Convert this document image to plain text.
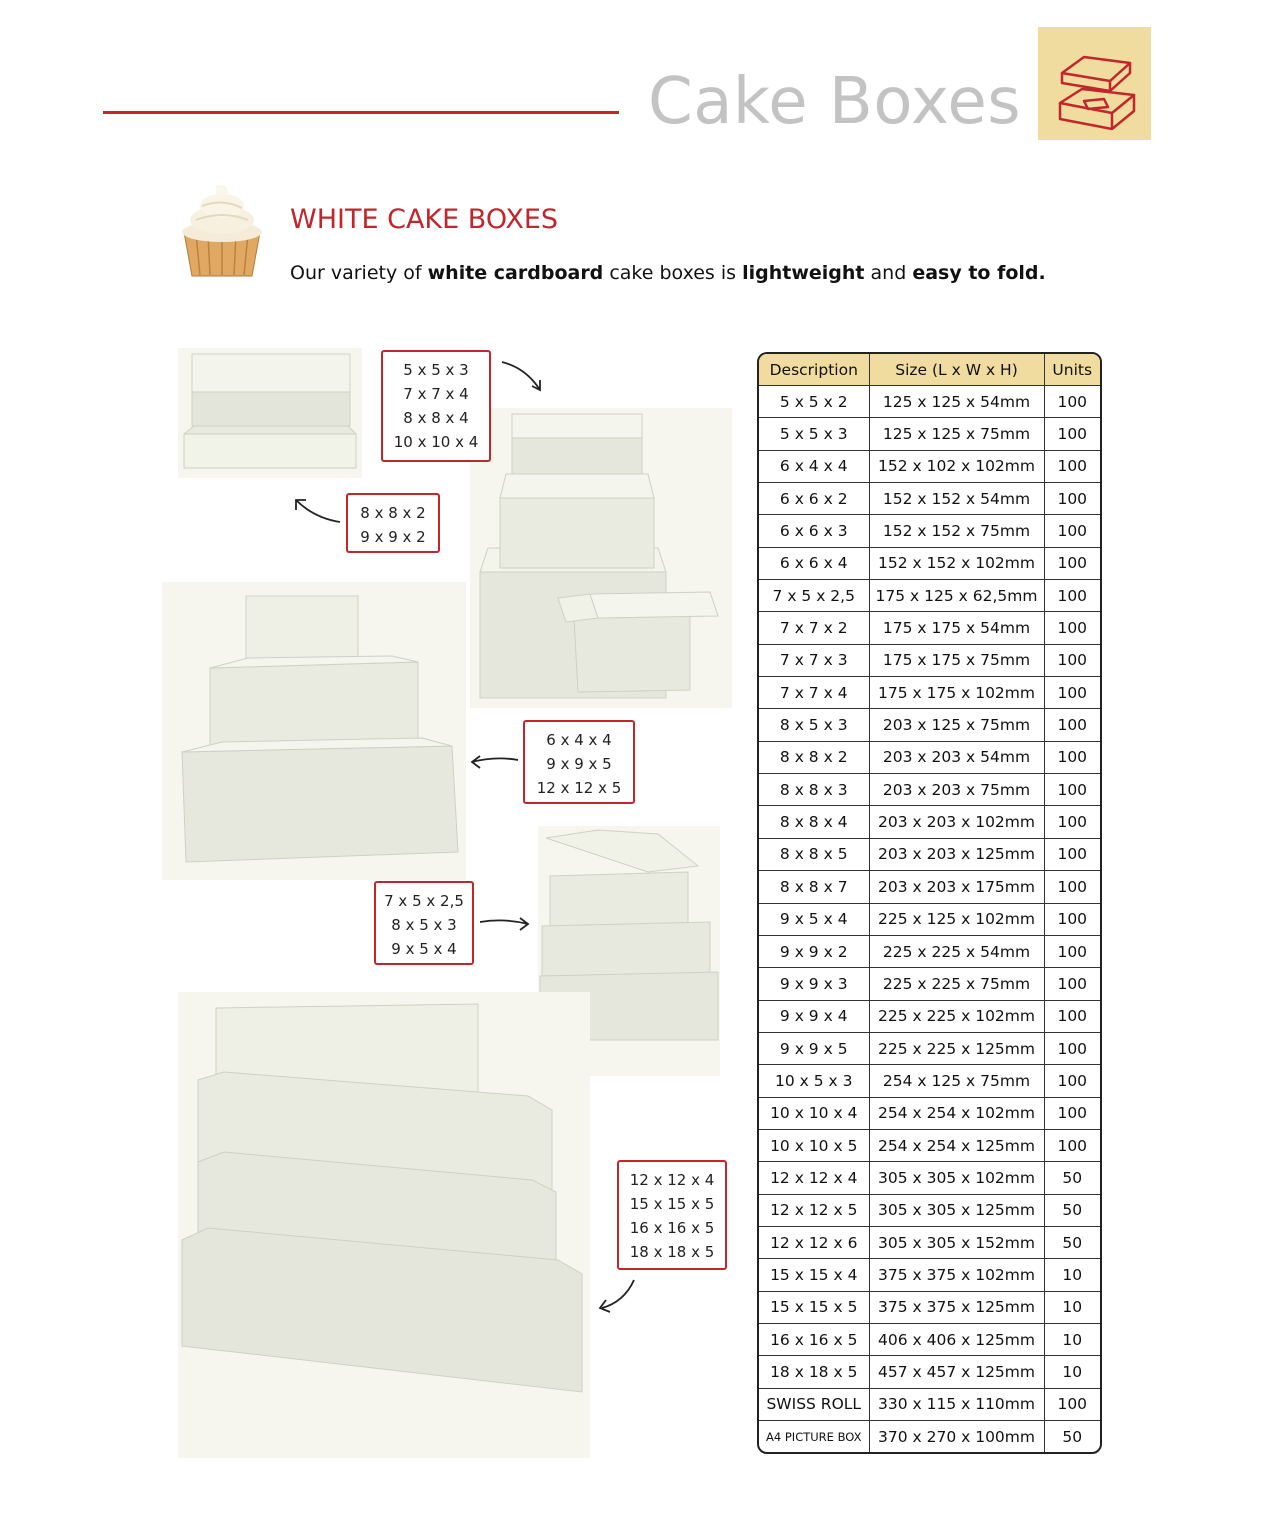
Cake Boxes
WHITE CAKE BOXES
Our variety of white cardboard cake boxes is lightweight and easy to fold.
5 x 5 x 3
7 x 7 x 4
8 x 8 x 4
10 x 10 x 4
8 x 8 x 2
9 x 9 x 2
6 x 4 x 4
9 x 9 x 5
12 x 12 x 5
7 x 5 x 2,5
8 x 5 x 3
9 x 5 x 4
12 x 12 x 4
15 x 15 x 5
16 x 16 x 5
18 x 18 x 5
Description	Size (L x W x H)	Units
5 x 5 x 2	125 x 125 x 54mm	100
5 x 5 x 3	125 x 125 x 75mm	100
6 x 4 x 4	152 x 102 x 102mm	100
6 x 6 x 2	152 x 152 x 54mm	100
6 x 6 x 3	152 x 152 x 75mm	100
6 x 6 x 4	152 x 152 x 102mm	100
7 x 5 x 2,5	175 x 125 x 62,5mm	100
7 x 7 x 2	175 x 175 x 54mm	100
7 x 7 x 3	175 x 175 x 75mm	100
7 x 7 x 4	175 x 175 x 102mm	100
8 x 5 x 3	203 x 125 x 75mm	100
8 x 8 x 2	203 x 203 x 54mm	100
8 x 8 x 3	203 x 203 x 75mm	100
8 x 8 x 4	203 x 203 x 102mm	100
8 x 8 x 5	203 x 203 x 125mm	100
8 x 8 x 7	203 x 203 x 175mm	100
9 x 5 x 4	225 x 125 x 102mm	100
9 x 9 x 2	225 x 225 x 54mm	100
9 x 9 x 3	225 x 225 x 75mm	100
9 x 9 x 4	225 x 225 x 102mm	100
9 x 9 x 5	225 x 225 x 125mm	100
10 x 5 x 3	254 x 125 x 75mm	100
10 x 10 x 4	254 x 254 x 102mm	100
10 x 10 x 5	254 x 254 x 125mm	100
12 x 12 x 4	305 x 305 x 102mm	50
12 x 12 x 5	305 x 305 x 125mm	50
12 x 12 x 6	305 x 305 x 152mm	50
15 x 15 x 4	375 x 375 x 102mm	10
15 x 15 x 5	375 x 375 x 125mm	10
16 x 16 x 5	406 x 406 x 125mm	10
18 x 18 x 5	457 x 457 x 125mm	10
SWISS ROLL	330 x 115 x 110mm	100
A4 PICTURE BOX	370 x 270 x 100mm	50
